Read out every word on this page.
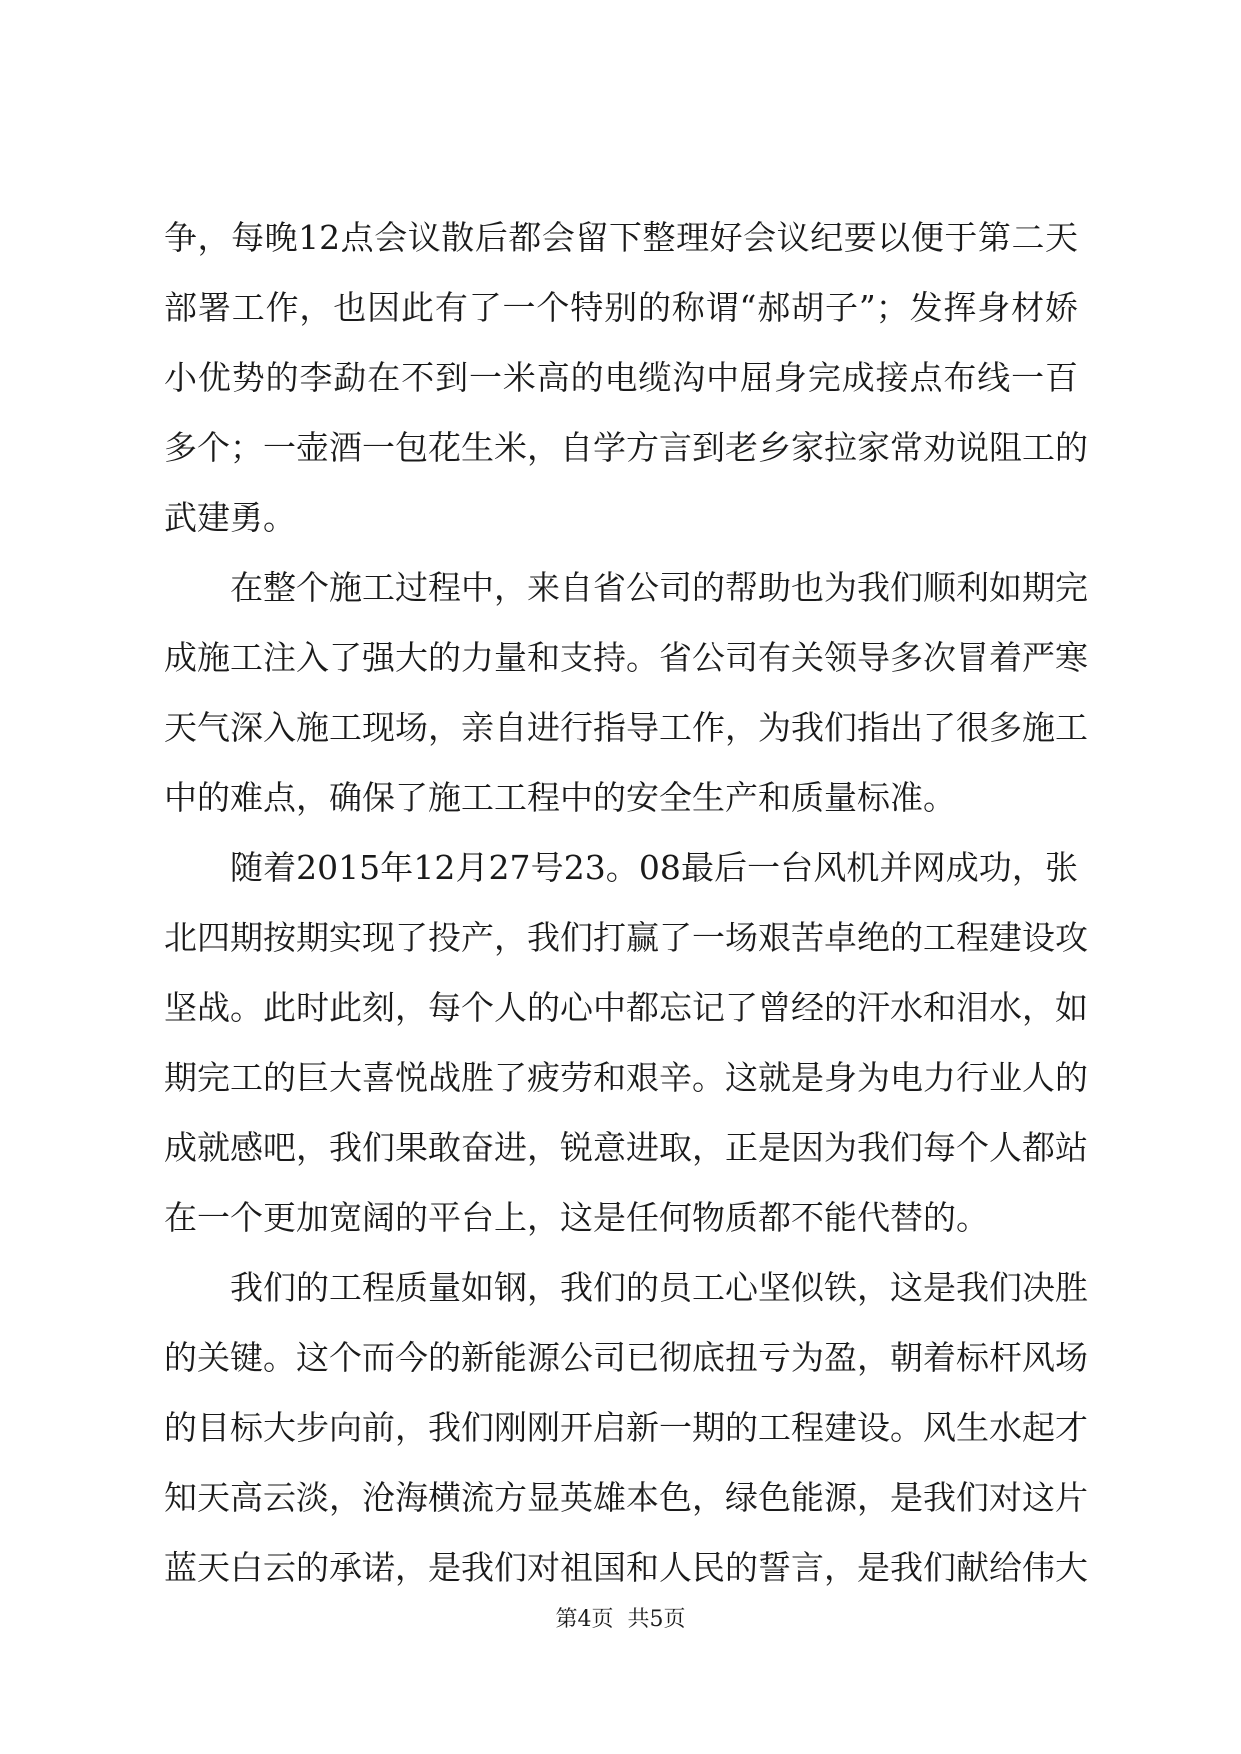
争，每晚12点会议散后都会留下整理好会议纪要以便于第二天
部署工作，也因此有了一个特别的称谓“郝胡子”；发挥身材娇
小优势的李勐在不到一米高的电缆沟中屈身完成接点布线一百
多个；一壶酒一包花生米，自学方言到老乡家拉家常劝说阻工的
武建勇。
在整个施工过程中，来自省公司的帮助也为我们顺利如期完
成施工注入了强大的力量和支持。省公司有关领导多次冒着严寒
天气深入施工现场，亲自进行指导工作，为我们指出了很多施工
中的难点，确保了施工工程中的安全生产和质量标准。
随着2015年12月27号23。08最后一台风机并网成功，张
北四期按期实现了投产，我们打赢了一场艰苦卓绝的工程建设攻
坚战。此时此刻，每个人的心中都忘记了曾经的汗水和泪水，如
期完工的巨大喜悦战胜了疲劳和艰辛。这就是身为电力行业人的
成就感吧，我们果敢奋进，锐意进取，正是因为我们每个人都站
在一个更加宽阔的平台上，这是任何物质都不能代替的。
我们的工程质量如钢，我们的员工心坚似铁，这是我们决胜
的关键。这个而今的新能源公司已彻底扭亏为盈，朝着标杆风场
的目标大步向前，我们刚刚开启新一期的工程建设。风生水起才
知天高云淡，沧海横流方显英雄本色，绿色能源，是我们对这片
蓝天白云的承诺，是我们对祖国和人民的誓言，是我们献给伟大
第4页  共5页
